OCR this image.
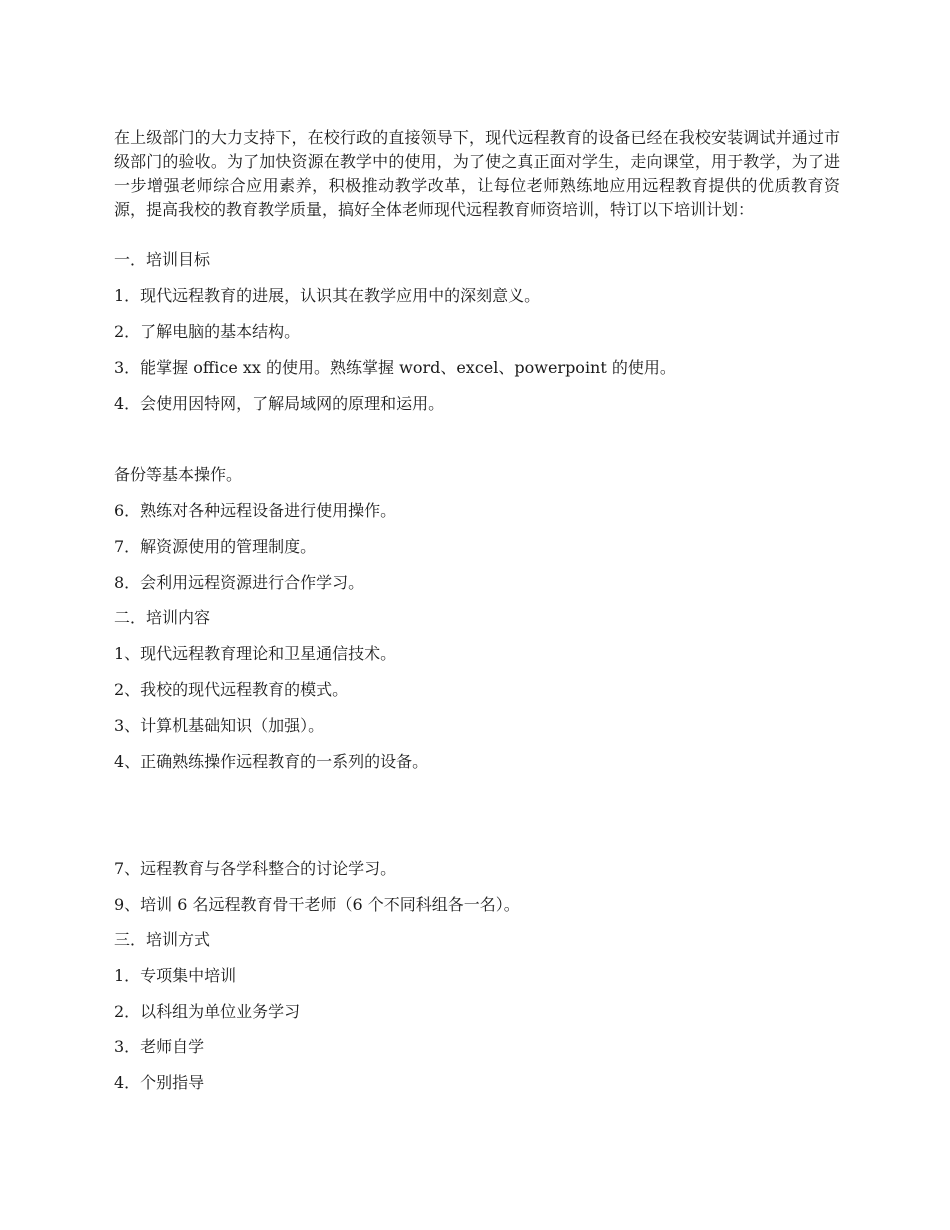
在上级部门的大力支持下，在校行政的直接领导下，现代远程教育的设备已经在我校安装调试并通过市级部门的验收。为了加快资源在教学中的使用，为了使之真正面对学生，走向课堂，用于教学，为了进一步增强老师综合应用素养，积极推动教学改革，让每位老师熟练地应用远程教育提供的优质教育资源，提高我校的教育教学质量，搞好全体老师现代远程教育师资培训，特订以下培训计划：

一．培训目标

1．现代远程教育的进展，认识其在教学应用中的深刻意义。

2．了解电脑的基本结构。

3．能掌握 office xx 的使用。熟练掌握 word、excel、powerpoint 的使用。

4．会使用因特网，了解局域网的原理和运用。

备份等基本操作。

6．熟练对各种远程设备进行使用操作。

7．解资源使用的管理制度。

8．会利用远程资源进行合作学习。

二．培训内容

1、现代远程教育理论和卫星通信技术。

2、我校的现代远程教育的模式。

3、计算机基础知识（加强）。

4、正确熟练操作远程教育的一系列的设备。

7、远程教育与各学科整合的讨论学习。

9、培训 6 名远程教育骨干老师（6 个不同科组各一名）。

三．培训方式

1．专项集中培训

2．以科组为单位业务学习

3．老师自学

4．个别指导
